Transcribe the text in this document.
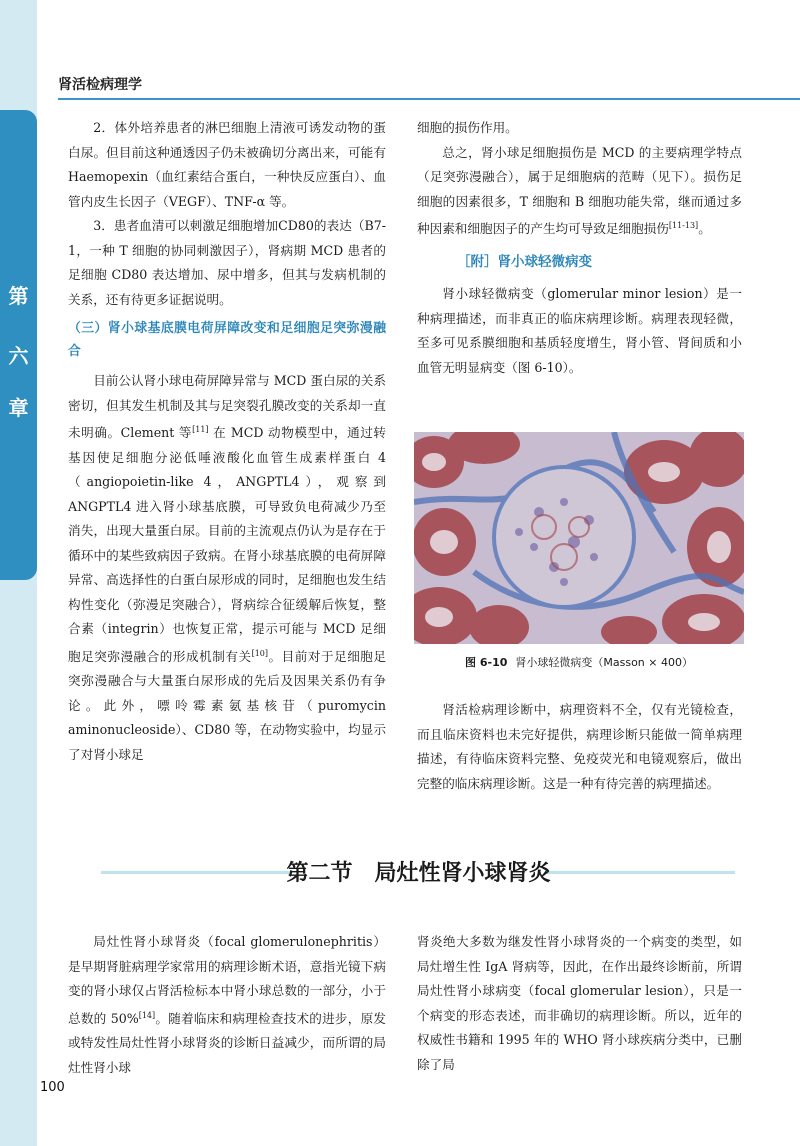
第
六
章
肾活检病理学

2．体外培养患者的淋巴细胞上清液可诱发动物的蛋白尿。但目前这种通透因子仍未被确切分离出来，可能有 Haemopexin（血红素结合蛋白，一种快反应蛋白）、血管内皮生长因子（VEGF）、TNF-α 等。

3．患者血清可以刺激足细胞增加CD80的表达（B7-1，一种 T 细胞的协同刺激因子），肾病期 MCD 患者的足细胞 CD80 表达增加、尿中增多，但其与发病机制的关系，还有待更多证据说明。

（三）肾小球基底膜电荷屏障改变和足细胞足突弥漫融合

目前公认肾小球电荷屏障异常与 MCD 蛋白尿的关系密切，但其发生机制及其与足突裂孔膜改变的关系却一直未明确。Clement 等[11] 在 MCD 动物模型中，通过转基因使足细胞分泌低唾液酸化血管生成素样蛋白 4（angiopoietin-like 4，ANGPTL4），观察到 ANGPTL4 进入肾小球基底膜，可导致负电荷减少乃至消失，出现大量蛋白尿。目前的主流观点仍认为是存在于循环中的某些致病因子致病。在肾小球基底膜的电荷屏障异常、高选择性的白蛋白尿形成的同时，足细胞也发生结构性变化（弥漫足突融合），肾病综合征缓解后恢复，整合素（integrin）也恢复正常，提示可能与 MCD 足细胞足突弥漫融合的形成机制有关[10]。目前对于足细胞足突弥漫融合与大量蛋白尿形成的先后及因果关系仍有争论。此外，嘌呤霉素氨基核苷（puromycin aminonucleoside）、CD80 等，在动物实验中，均显示了对肾小球足

细胞的损伤作用。

总之，肾小球足细胞损伤是 MCD 的主要病理学特点（足突弥漫融合），属于足细胞病的范畴（见下）。损伤足细胞的因素很多，T 细胞和 B 细胞功能失常，继而通过多种因素和细胞因子的产生均可导致足细胞损伤[11-13]。

［附］肾小球轻微病变

肾小球轻微病变（glomerular minor lesion）是一种病理描述，而非真正的临床病理诊断。病理表现轻微，至多可见系膜细胞和基质轻度增生，肾小管、肾间质和小血管无明显病变（图 6-10）。

图 6-10 肾小球轻微病变（Masson × 400）

肾活检病理诊断中，病理资料不全，仅有光镜检查，而且临床资料也未完好提供，病理诊断只能做一简单病理描述，有待临床资料完整、免疫荧光和电镜观察后，做出完整的临床病理诊断。这是一种有待完善的病理描述。

第二节　局灶性肾小球肾炎

局灶性肾小球肾炎（focal glomerulonephritis）是早期肾脏病理学家常用的病理诊断术语，意指光镜下病变的肾小球仅占肾活检标本中肾小球总数的一部分，小于总数的 50%[14]。随着临床和病理检查技术的进步，原发或特发性局灶性肾小球肾炎的诊断日益减少，而所谓的局灶性肾小球

肾炎绝大多数为继发性肾小球肾炎的一个病变的类型，如局灶增生性 IgA 肾病等，因此，在作出最终诊断前，所谓局灶性肾小球病变（focal glomerular lesion），只是一个病变的形态表述，而非确切的病理诊断。所以，近年的权威性书籍和 1995 年的 WHO 肾小球疾病分类中，已删除了局

100
